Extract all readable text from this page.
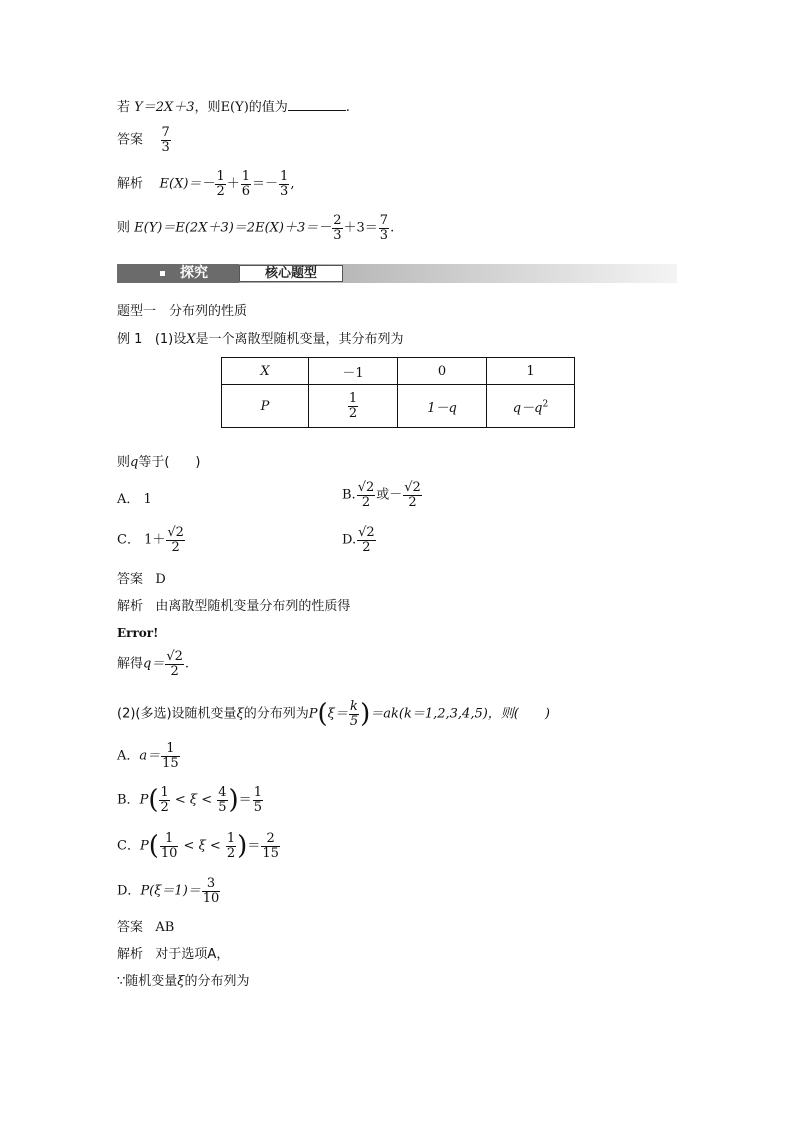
若 Y＝2X＋3，则E(Y)的值为	.
答案 $\frac{7}{3}$
解析 $E(X)=- \frac{1}{2} + \frac{1}{6} =- \frac{1}{3}$ ,
则 $E(Y)=E(2X+3)=2E(X)+3=- \frac{2}{3} +3= \frac{7}{3}$ .
探究	核心题型
题型一　分布列的性质
例 1 (1)设X是一个离散型随机变量，其分布列为
X	－1	0	1
P	$\frac{1}{2}$	1－q	$q-q^2$
则q等于(　　)
A． 1	B. $\frac{√2}{2}$ 或－ $\frac{√2}{2}$
C． $1+ \frac{√2}{2}$	D. $\frac{√2}{2}$
答案 D
解析 由离散型随机变量分布列的性质得
Error!
解得$q= \frac{√2}{2}$ .
(2)(多选)设随机变量ξ的分布列为$P(\xi= \frac{k}{5} )=ak(k=1,2,3,4,5)$，则(　　)
A．$a= \frac{1}{15}$
B．$P( \frac{1}{2} < \xi < \frac{4}{5}$ )＝ $\frac{1}{5}$
C．$P( \frac{1}{10} < \xi < \frac{1}{2}$ )＝ $\frac{2}{15}$
D．$P(\xi=1)= \frac{3}{10}$
答案 AB
解析 对于选项A，
∵随机变量ξ的分布列为
